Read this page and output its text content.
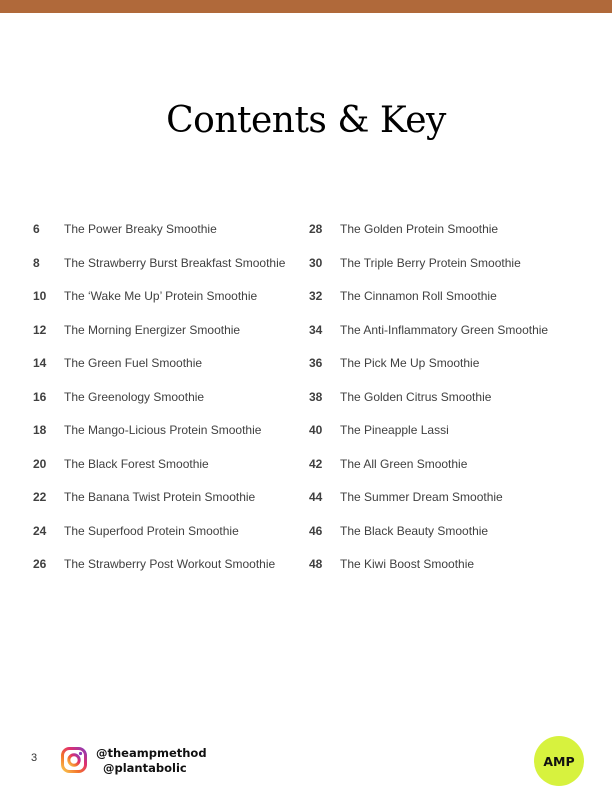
Contents & Key
6	The Power Breaky Smoothie
8	The Strawberry Burst Breakfast Smoothie
10	The ‘Wake Me Up’ Protein Smoothie
12	The Morning Energizer Smoothie
14	The Green Fuel Smoothie
16	The Greenology Smoothie
18	The Mango-Licious Protein Smoothie
20	The Black Forest Smoothie
22	The Banana Twist Protein Smoothie
24	The Superfood Protein Smoothie
26	The Strawberry Post Workout Smoothie
28	The Golden Protein Smoothie
30	The Triple Berry Protein Smoothie
32	The Cinnamon Roll Smoothie
34	The Anti-Inflammatory Green Smoothie
36	The Pick Me Up Smoothie
38	The Golden Citrus Smoothie
40	The Pineapple Lassi
42	The All Green Smoothie
44	The Summer Dream Smoothie
46	The Black Beauty Smoothie
48	The Kiwi Boost Smoothie
3	@theampmethod
@plantabolic	AMP
